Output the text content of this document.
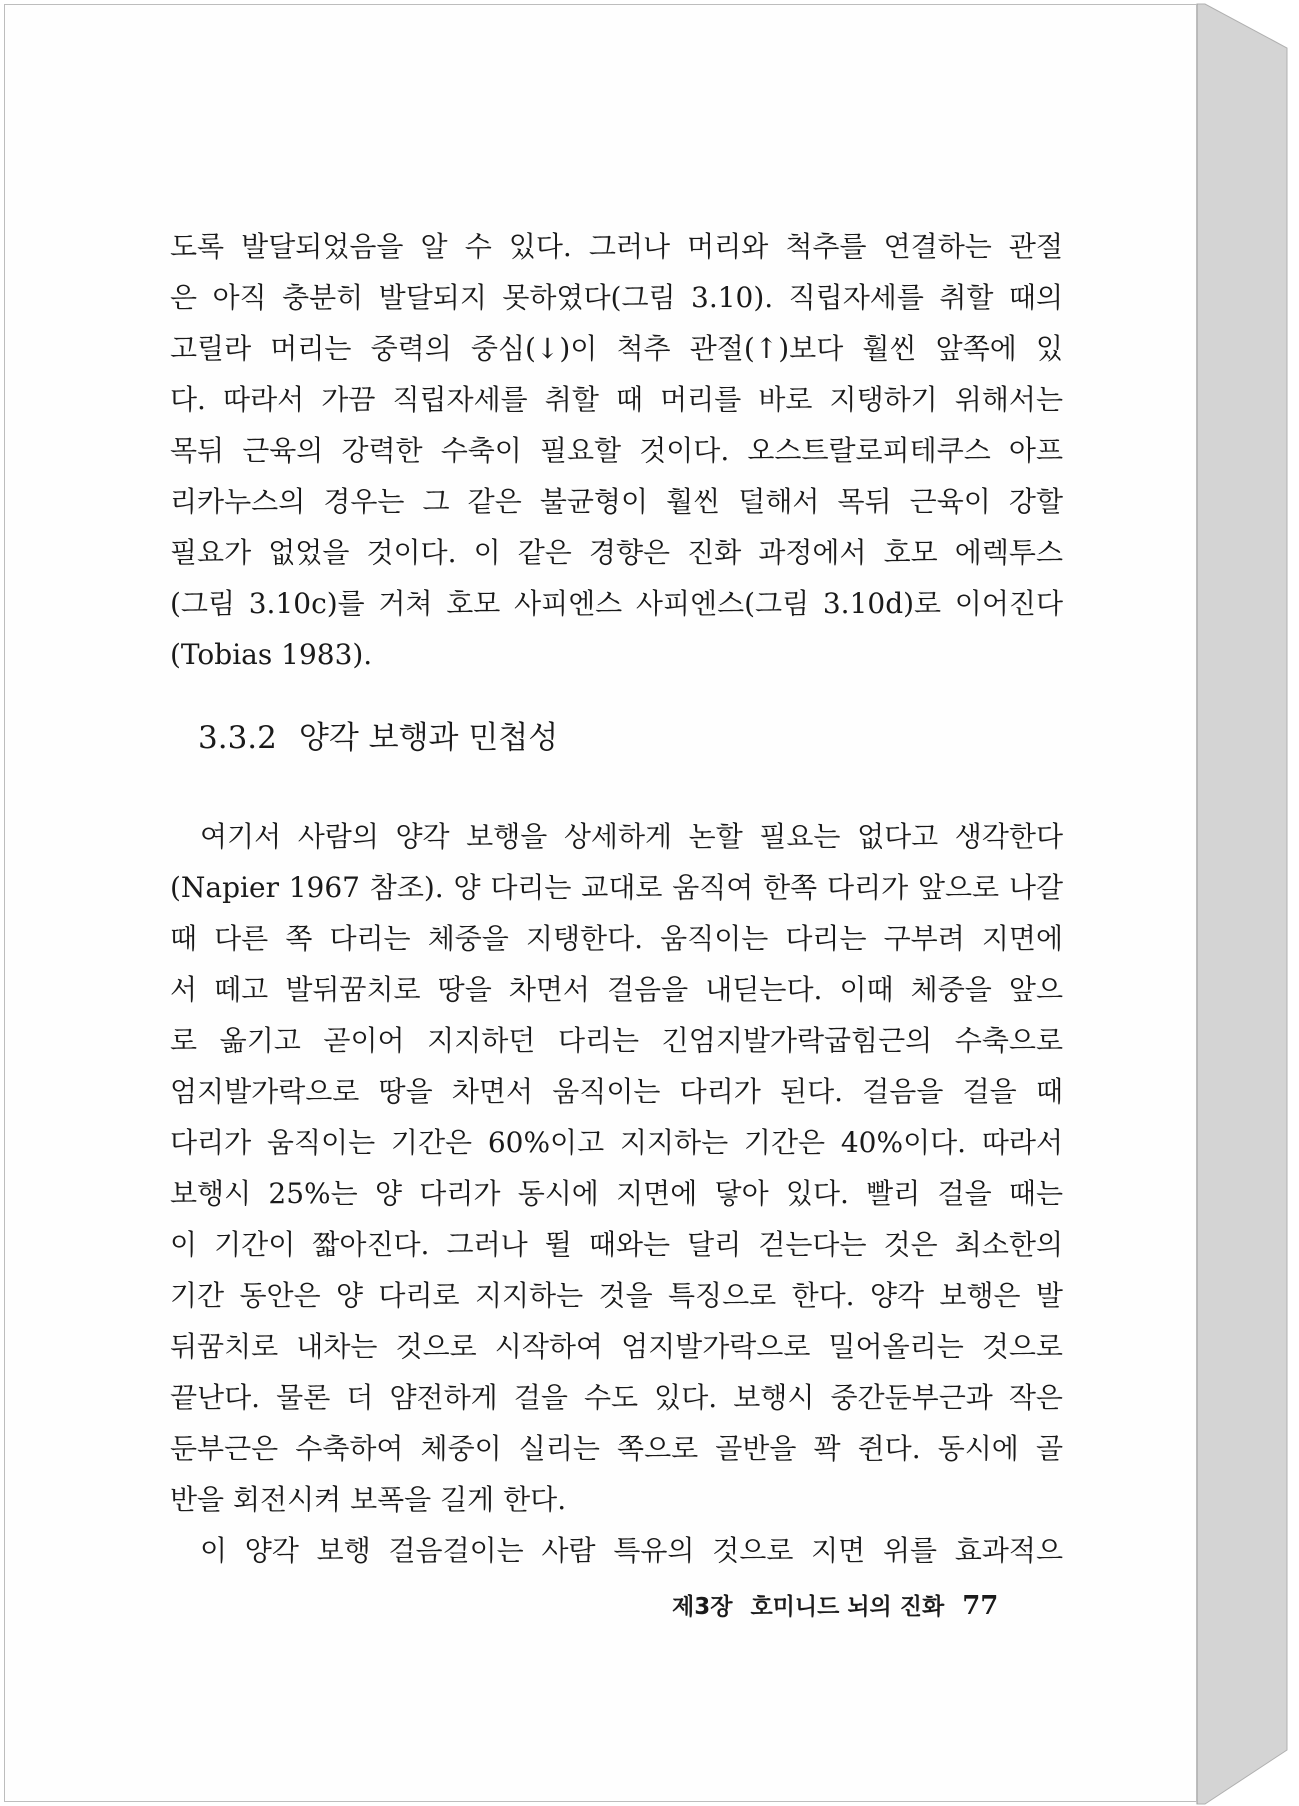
도록 발달되었음을 알 수 있다. 그러나 머리와 척추를 연결하는 관절
은 아직 충분히 발달되지 못하였다(그림 3.10). 직립자세를 취할 때의
고릴라 머리는 중력의 중심(↓)이 척추 관절(↑)보다 훨씬 앞쪽에 있
다. 따라서 가끔 직립자세를 취할 때 머리를 바로 지탱하기 위해서는
목뒤 근육의 강력한 수축이 필요할 것이다. 오스트랄로피테쿠스 아프
리카누스의 경우는 그 같은 불균형이 훨씬 덜해서 목뒤 근육이 강할
필요가 없었을 것이다. 이 같은 경향은 진화 과정에서 호모 에렉투스
(그림 3.10c)를 거쳐 호모 사피엔스 사피엔스(그림 3.10d)로 이어진다
(Tobias 1983).
3.3.2 양각 보행과 민첩성
여기서 사람의 양각 보행을 상세하게 논할 필요는 없다고 생각한다
(Napier 1967 참조). 양 다리는 교대로 움직여 한쪽 다리가 앞으로 나갈
때 다른 쪽 다리는 체중을 지탱한다. 움직이는 다리는 구부려 지면에
서 떼고 발뒤꿈치로 땅을 차면서 걸음을 내딛는다. 이때 체중을 앞으
로 옮기고 곧이어 지지하던 다리는 긴엄지발가락굽힘근의 수축으로
엄지발가락으로 땅을 차면서 움직이는 다리가 된다. 걸음을 걸을 때
다리가 움직이는 기간은 60%이고 지지하는 기간은 40%이다. 따라서
보행시 25%는 양 다리가 동시에 지면에 닿아 있다. 빨리 걸을 때는
이 기간이 짧아진다. 그러나 뛸 때와는 달리 걷는다는 것은 최소한의
기간 동안은 양 다리로 지지하는 것을 특징으로 한다. 양각 보행은 발
뒤꿈치로 내차는 것으로 시작하여 엄지발가락으로 밀어올리는 것으로
끝난다. 물론 더 얌전하게 걸을 수도 있다. 보행시 중간둔부근과 작은
둔부근은 수축하여 체중이 실리는 쪽으로 골반을 꽉 쥔다. 동시에 골
반을 회전시켜 보폭을 길게 한다.
이 양각 보행 걸음걸이는 사람 특유의 것으로 지면 위를 효과적으
제3장 호미니드 뇌의 진화 77
